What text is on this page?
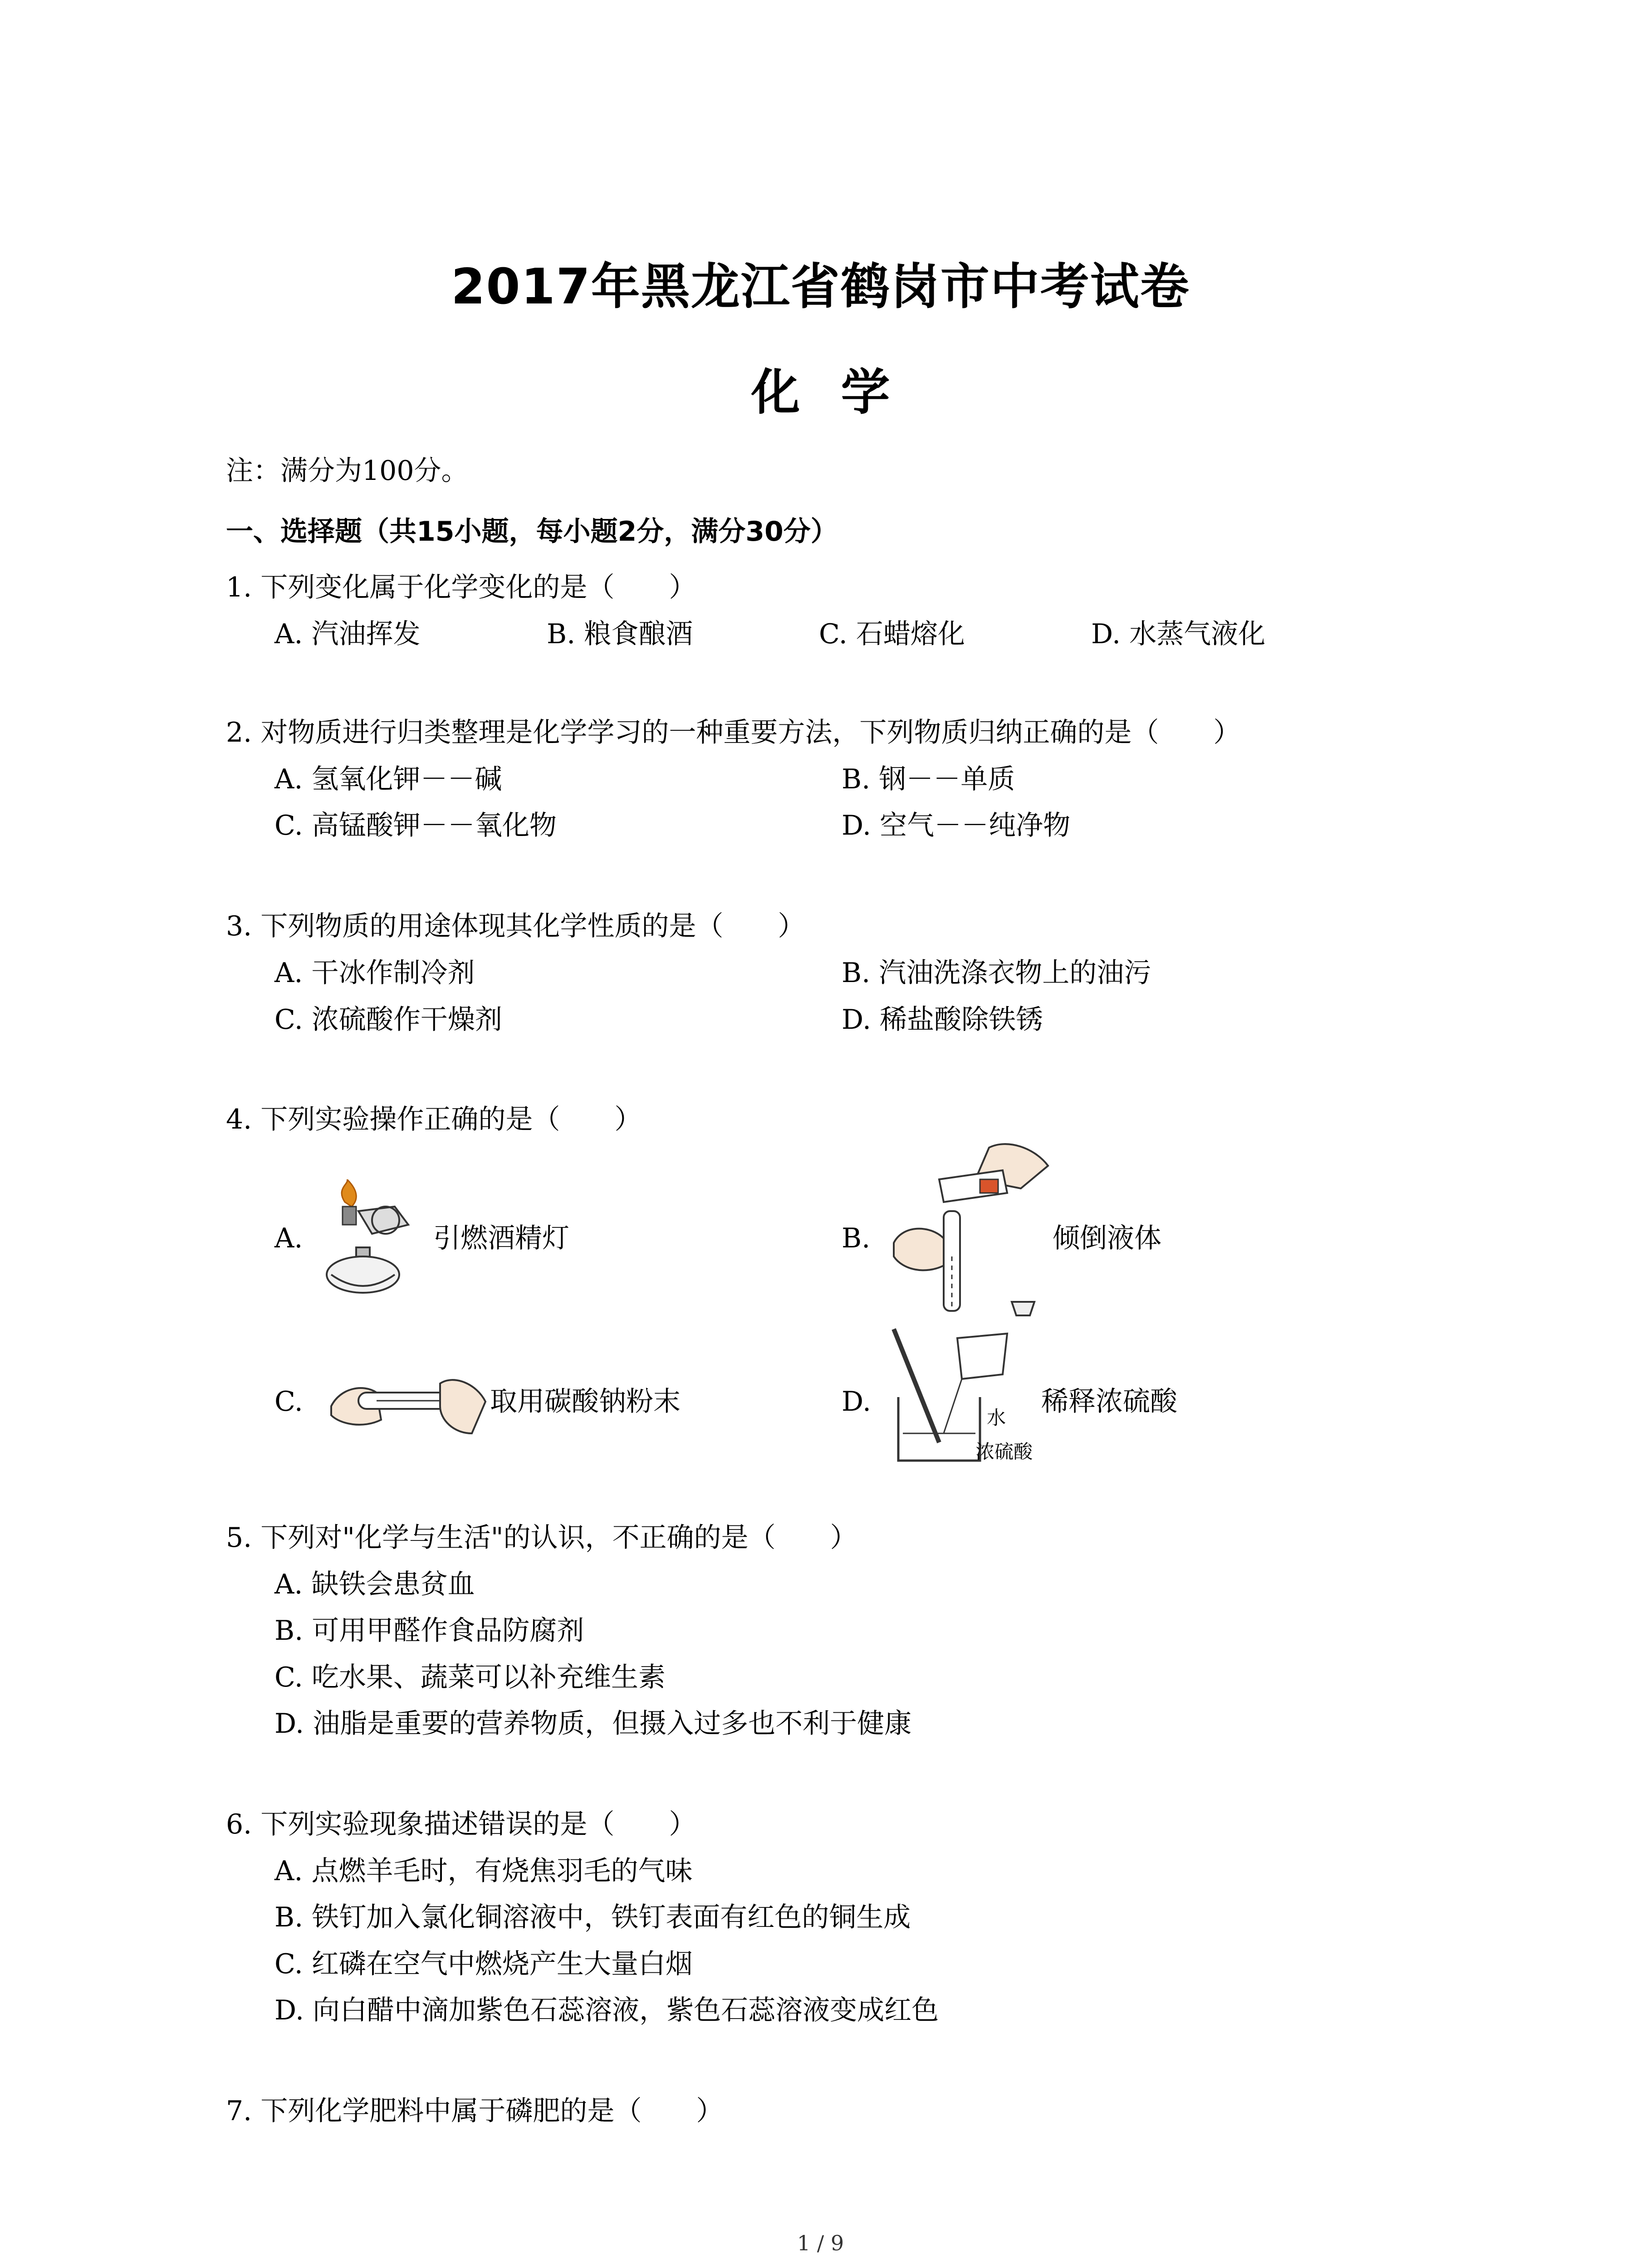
2017年黑龙江省鹤岗市中考试卷
化学
注：满分为100分。
一、选择题（共15小题，每小题2分，满分30分）
1. 下列变化属于化学变化的是（　　）
A. 汽油挥发	B. 粮食酿酒	C. 石蜡熔化	D. 水蒸气液化
2. 对物质进行归类整理是化学学习的一种重要方法，下列物质归纳正确的是（　　）
A. 氢氧化钾－－碱	B. 钢－－单质
C. 高锰酸钾－－氧化物	D. 空气－－纯净物
3. 下列物质的用途体现其化学性质的是（　　）
A. 干冰作制冷剂	B. 汽油洗涤衣物上的油污
C. 浓硫酸作干燥剂	D. 稀盐酸除铁锈
4. 下列实验操作正确的是（　　）
A.	引燃酒精灯	B.	倾倒液体
C.	取用碳酸钠粉末	D.
水
浓硫酸
稀释浓硫酸
5. 下列对"化学与生活"的认识，不正确的是（　　）
A. 缺铁会患贫血
B. 可用甲醛作食品防腐剂
C. 吃水果、蔬菜可以补充维生素
D. 油脂是重要的营养物质，但摄入过多也不利于健康
6. 下列实验现象描述错误的是（　　）
A. 点燃羊毛时，有烧焦羽毛的气味
B. 铁钉加入氯化铜溶液中，铁钉表面有红色的铜生成
C. 红磷在空气中燃烧产生大量白烟
D. 向白醋中滴加紫色石蕊溶液，紫色石蕊溶液变成红色
7. 下列化学肥料中属于磷肥的是（　　）
1 / 9
